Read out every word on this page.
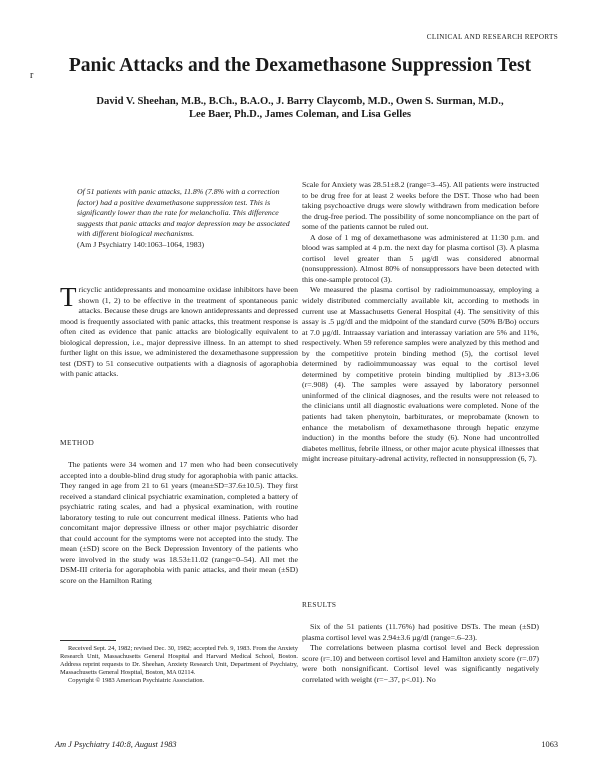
CLINICAL AND RESEARCH REPORTS
r	Panic Attacks and the Dexamethasone Suppression Test
David V. Sheehan, M.B., B.Ch., B.A.O., J. Barry Claycomb, M.D., Owen S. Surman, M.D.,
Lee Baer, Ph.D., James Coleman, and Lisa Gelles
Of 51 patients with panic attacks, 11.8% (7.8% with a correction factor) had a positive dexamethasone suppression test. This is significantly lower than the rate for melancholia. This difference suggests that panic attacks and major depression may be associated with different biological mechanisms.
(Am J Psychiatry 140:1063–1064, 1983)

T ricyclic antidepressants and monoamine oxidase inhibitors have been shown (1, 2) to be effective in the treatment of spontaneous panic attacks. Because these drugs are known antidepressants and depressed mood is frequently associated with panic attacks, this treatment response is often cited as evidence that panic attacks are biologically equivalent to biological depression, i.e., major depressive illness. In an attempt to shed further light on this issue, we administered the dexamethasone suppression test (DST) to 51 consecutive outpatients with a diagnosis of agoraphobia with panic attacks.

METHOD

The patients were 34 women and 17 men who had been consecutively accepted into a double-blind drug study for agoraphobia with panic attacks. They ranged in age from 21 to 61 years (mean±SD=37.6±10.5). They first received a standard clinical psychiatric examination, completed a battery of psychiatric rating scales, and had a physical examination, with routine laboratory testing to rule out concurrent medical illness. Patients who had concomitant major depressive illness or other major psychiatric disorder that could account for the symptoms were not accepted into the study. The mean (±SD) score on the Beck Depression Inventory of the patients who were involved in the study was 18.53±11.02 (range=0–54). All met the DSM-III criteria for agoraphobia with panic attacks, and their mean (±SD) score on the Hamilton Rating

Scale for Anxiety was 28.51±8.2 (range=3–45). All patients were instructed to be drug free for at least 2 weeks before the DST. Those who had been taking psychoactive drugs were slowly withdrawn from medication before the drug-free period. The possibility of some noncompliance on the part of some of the patients cannot be ruled out.

A dose of 1 mg of dexamethasone was administered at 11:30 p.m. and blood was sampled at 4 p.m. the next day for plasma cortisol (3). A plasma cortisol level greater than 5 µg/dl was considered abnormal (nonsuppression). Almost 80% of nonsuppressors have been detected with this one-sample protocol (3).

We measured the plasma cortisol by radioimmunoassay, employing a widely distributed commercially available kit, according to methods in current use at Massachusetts General Hospital (4). The sensitivity of this assay is .5 µg/dl and the midpoint of the standard curve (50% B/Bo) occurs at 7.0 µg/dl. Intraassay variation and interassay variation are 5% and 11%, respectively. When 59 reference samples were analyzed by this method and by the competitive protein binding method (5), the cortisol level determined by radioimmunoassay was equal to the cortisol level determined by competitive protein binding multiplied by .813+3.06 (r=.908) (4). The samples were assayed by laboratory personnel uninformed of the clinical diagnoses, and the results were not released to the clinicians until all diagnostic evaluations were completed. None of the patients had taken phenytoin, barbiturates, or meprobamate (known to enhance the metabolism of dexamethasone through hepatic enzyme induction) in the months before the study (6). None had uncontrolled diabetes mellitus, febrile illness, or other major acute physical illnesses that might increase pituitary-adrenal activity, reflected in nonsuppression (6, 7).

RESULTS

Six of the 51 patients (11.76%) had positive DSTs. The mean (±SD) plasma cortisol level was 2.94±3.6 µg/dl (range=.6–23).

The correlations between plasma cortisol level and Beck depression score (r=.10) and between cortisol level and Hamilton anxiety score (r=.07) were both nonsignificant. Cortisol level was significantly negatively correlated with weight (r=−.37, p<.01). No

Received Sept. 24, 1982; revised Dec. 30, 1982; accepted Feb. 9, 1983. From the Anxiety Research Unit, Massachusetts General Hospital and Harvard Medical School, Boston. Address reprint requests to Dr. Sheehan, Anxiety Research Unit, Department of Psychiatry, Massachusetts General Hospital, Boston, MA 02114.

Copyright © 1983 American Psychiatric Association.

Am J Psychiatry 140:8, August 1983	1063
